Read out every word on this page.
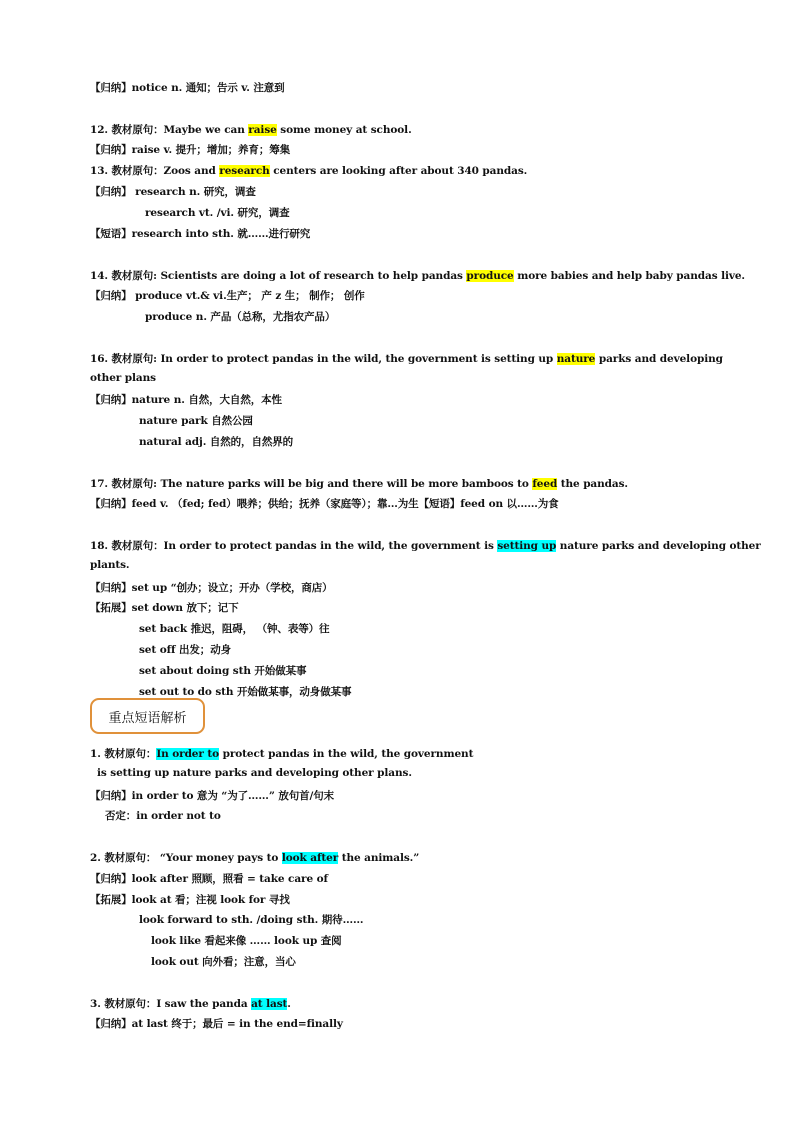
【归纳】notice n. 通知；告示 v. 注意到
12. 教材原句：Maybe we can raise some money at school.
【归纳】raise v. 提升；增加；养育；筹集
13. 教材原句：Zoos and research centers are looking after about 340 pandas.
【归纳】 research n. 研究，调查
research vt. /vi. 研究，调查
【短语】research into sth. 就……进行研究
14. 教材原句: Scientists are doing a lot of research to help pandas produce more babies and help baby pandas live.
【归纳】 produce vt.& vi.生产； 产 z 生； 制作； 创作
produce n. 产品（总称，尤指农产品）
16. 教材原句: In order to protect pandas in the wild, the government is setting up nature parks and developing
other plans
【归纳】nature n. 自然，大自然，本性
nature park 自然公园
natural adj. 自然的，自然界的
17. 教材原句: The nature parks will be big and there will be more bamboos to feed the pandas.
【归纳】feed v. （fed; fed）喂养；供给；抚养（家庭等）；靠…为生【短语】feed on 以……为食
18. 教材原句：In order to protect pandas in the wild, the government is setting up nature parks and developing other
plants.
【归纳】set up “创办；设立；开办（学校，商店）
【拓展】set down 放下；记下
set back 推迟，阻碍， （钟、表等）往
set off 出发；动身
set about doing sth 开始做某事
set out to do sth 开始做某事，动身做某事
1. 教材原句：In order to protect pandas in the wild, the government
is setting up nature parks and developing other plans.
【归纳】in order to 意为 “为了……” 放句首/句末
否定：in order not to
2. 教材原句： “Your money pays to look after the animals.”
【归纳】look after 照顾，照看 = take care of
【拓展】look at 看；注视 look for 寻找
look forward to sth. /doing sth. 期待……
look like 看起来像 …… look up 查阅
look out 向外看；注意，当心
3. 教材原句：I saw the panda at last.
【归纳】at last 终于；最后 = in the end=finally
重点短语解析
